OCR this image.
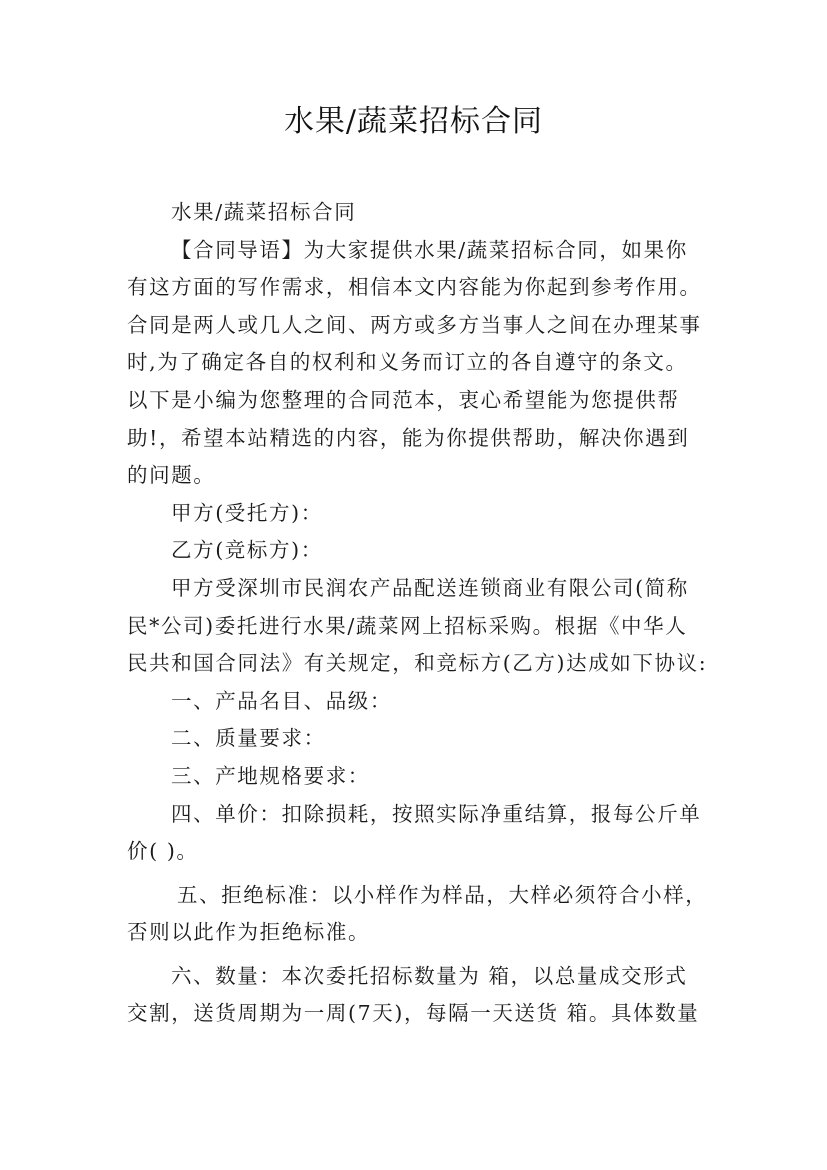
水果/蔬菜招标合同
水果/蔬菜招标合同
【合同导语】为大家提供水果/蔬菜招标合同，如果你
有这方面的写作需求，相信本文内容能为你起到参考作用。
合同是两人或几人之间、两方或多方当事人之间在办理某事
时,为了确定各自的权利和义务而订立的各自遵守的条文。
以下是小编为您整理的合同范本，衷心希望能为您提供帮
助!，希望本站精选的内容，能为你提供帮助，解决你遇到
的问题。
甲方(受托方)：
乙方(竞标方)：
甲方受深圳市民润农产品配送连锁商业有限公司(简称
民*公司)委托进行水果/蔬菜网上招标采购。根据《中华人
民共和国合同法》有关规定，和竞标方(乙方)达成如下协议:
一、产品名目、品级：
二、质量要求：
三、产地规格要求：
四、单价：扣除损耗，按照实际净重结算，报每公斤单
价( )。
五、拒绝标准：以小样作为样品，大样必须符合小样，
否则以此作为拒绝标准。
六、数量：本次委托招标数量为 箱，以总量成交形式
交割，送货周期为一周(7天)，每隔一天送货 箱。具体数量
